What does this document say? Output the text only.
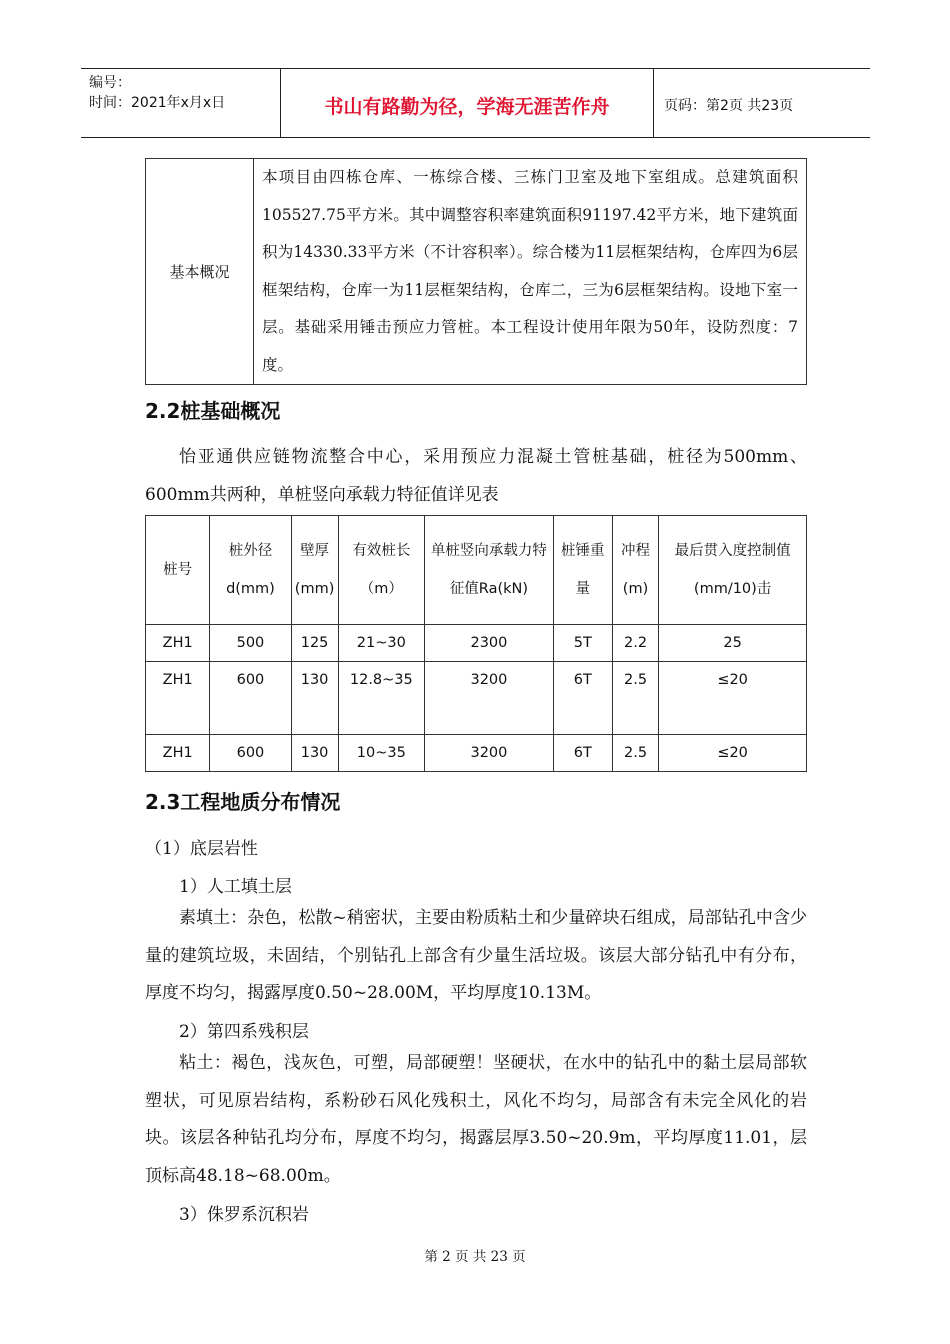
编号：
时间：2021年x月x日	书山有路勤为径，学海无涯苦作舟	页码：第2页 共23页
基本概况	本项目由四栋仓库、一栋综合楼、三栋门卫室及地下室组成。总建筑面积105527.75平方米。其中调整容积率建筑面积91197.42平方米，地下建筑面积为14330.33平方米（不计容积率）。综合楼为11层框架结构，仓库四为6层框架结构，仓库一为11层框架结构，仓库二，三为6层框架结构。设地下室一层。基础采用锤击预应力管桩。本工程设计使用年限为50年，设防烈度：7度。
2.2桩基础概况

怡亚通供应链物流整合中心，采用预应力混凝土管桩基础，桩径为500mm、600mm共两种，单桩竖向承载力特征值详见表

桩号	桩外径d(mm)	壁厚(mm)	有效桩长（m）	单桩竖向承载力特征值Ra(kN)	桩锤重量	冲程(m)	最后贯入度控制值(mm/10)击
ZH1	500	125	21~30	2300	5T	2.2	25
ZH1	600	130	12.8~35	3200	6T	2.5	≤20
ZH1	600	130	10~35	3200	6T	2.5	≤20
2.3工程地质分布情况
（1）底层岩性
1）人工填土层

素填土：杂色，松散~稍密状，主要由粉质粘土和少量碎块石组成，局部钻孔中含少量的建筑垃圾，未固结，个别钻孔上部含有少量生活垃圾。该层大部分钻孔中有分布，厚度不均匀，揭露厚度0.50~28.00M，平均厚度10.13M。

2）第四系残积层

粘土：褐色，浅灰色，可塑，局部硬塑！坚硬状，在水中的钻孔中的黏土层局部软塑状，可见原岩结构，系粉砂石风化残积土，风化不均匀，局部含有未完全风化的岩块。该层各种钻孔均分布，厚度不均匀，揭露层厚3.50~20.9m，平均厚度11.01，层顶标高48.18~68.00m。

3）侏罗系沉积岩
第 2 页 共 23 页
